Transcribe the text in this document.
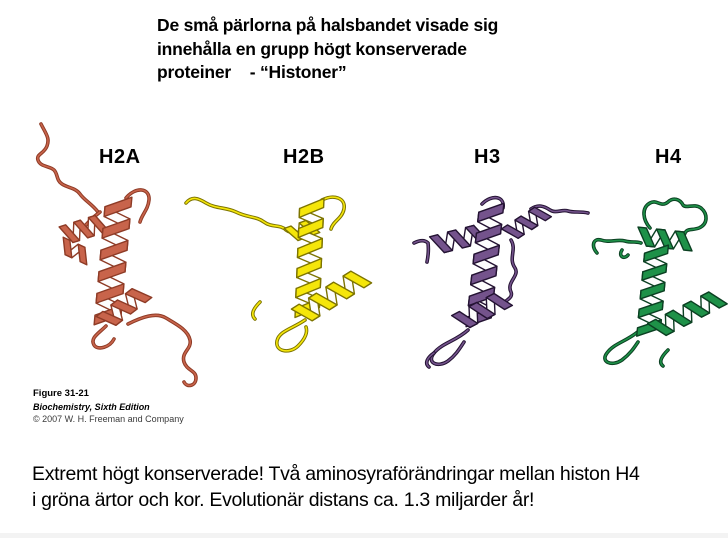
De små pärlorna på halsbandet visade sig
innehålla en grupp högt konserverade
proteiner    - “Histoner”
H2A	H2B	H3	H4

Figure 31-21

Biochemistry, Sixth Edition

© 2007 W. H. Freeman and Company

Extremt högt konserverade! Två aminosyraförändringar mellan histon H4
i gröna ärtor och kor. Evolutionär distans ca. 1.3 miljarder år!
